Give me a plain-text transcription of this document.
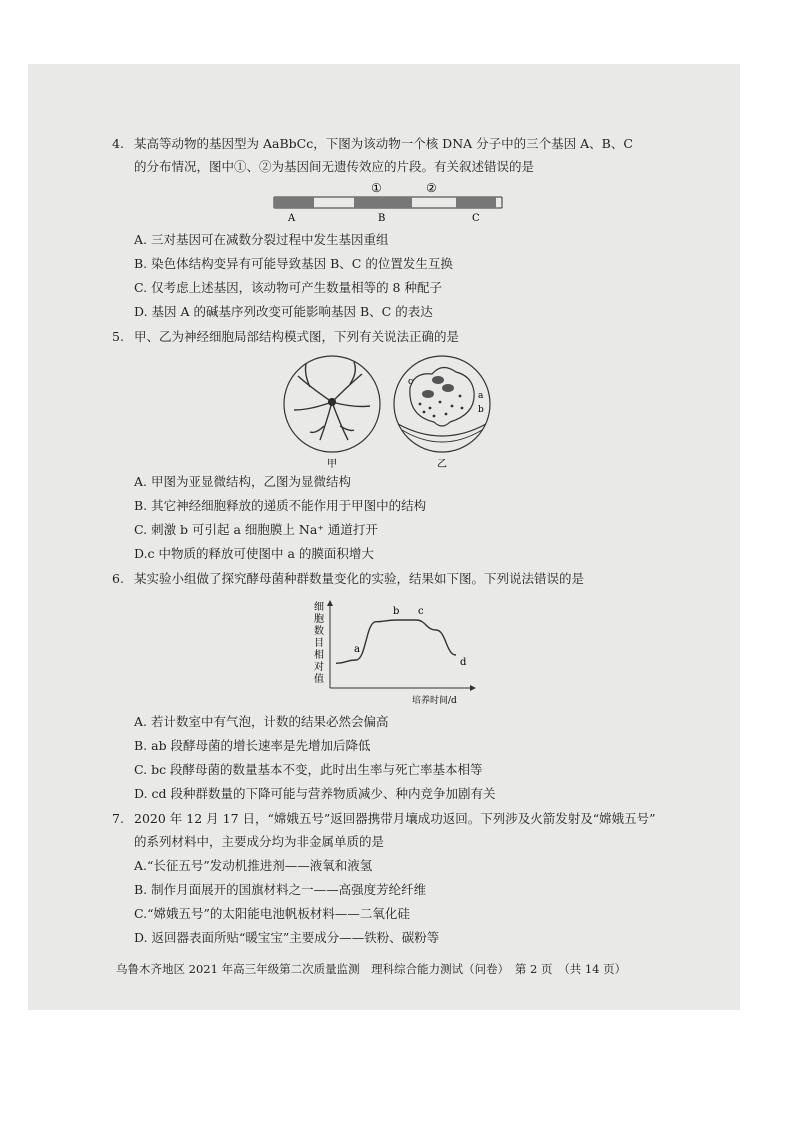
4. 某高等动物的基因型为 AaBbCc，下图为该动物一个核 DNA 分子中的三个基因 A、B、C
的分布情况，图中①、②为基因间无遗传效应的片段。有关叙述错误的是
①	②
A	B	C
A. 三对基因可在减数分裂过程中发生基因重组
B. 染色体结构变异有可能导致基因 B、C 的位置发生互换
C. 仅考虑上述基因，该动物可产生数量相等的 8 种配子
D. 基因 A 的碱基序列改变可能影响基因 B、C 的表达
5. 甲、乙为神经细胞局部结构模式图，下列有关说法正确的是
甲
c
a
b
乙
A. 甲图为亚显微结构，乙图为显微结构
B. 其它神经细胞释放的递质不能作用于甲图中的结构
C. 刺激 b 可引起 a 细胞膜上 Na⁺ 通道打开
D.c 中物质的释放可使图中 a 的膜面积增大
6. 某实验小组做了探究酵母菌种群数量变化的实验，结果如下图。下列说法错误的是
细
胞
数
目
相
对
值
a
b c
d
培养时间/d
A. 若计数室中有气泡，计数的结果必然会偏高
B. ab 段酵母菌的增长速率是先增加后降低
C. bc 段酵母菌的数量基本不变，此时出生率与死亡率基本相等
D. cd 段种群数量的下降可能与营养物质减少、种内竞争加剧有关
7. 2020 年 12 月 17 日，“嫦娥五号”返回器携带月壤成功返回。下列涉及火箭发射及“嫦娥五号”
的系列材料中，主要成分均为非金属单质的是
A.“长征五号”发动机推进剂——液氧和液氢
B. 制作月面展开的国旗材料之一——高强度芳纶纤维
C.“嫦娥五号”的太阳能电池帆板材料——二氧化硅
D. 返回器表面所贴“暖宝宝”主要成分——铁粉、碳粉等
乌鲁木齐地区 2021 年高三年级第二次质量监测　理科综合能力测试（问卷）　第 2 页　（共 14 页）
